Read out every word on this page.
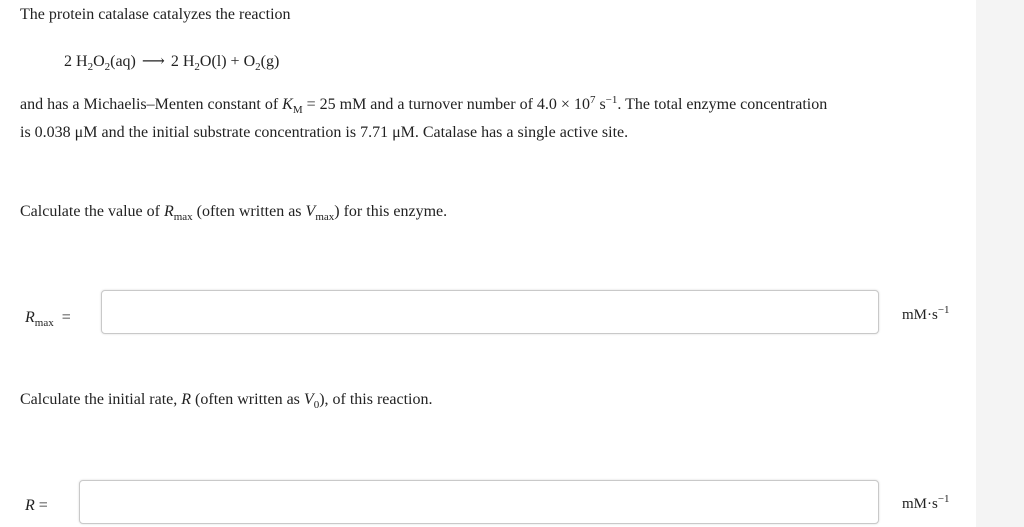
The protein catalase catalyzes the reaction
2 $H_2O_2(aq)$ ⟶ 2 $H_2O(l) + O_2(g)$
and has a Michaelis–Menten constant of $K_M = 25$ mM and a turnover number of $4.0 \times 10^7$ $s^{-1}$. The total enzyme concentration
is 0.038 μM and the initial substrate concentration is 7.71 μM. Catalase has a single active site.
Calculate the value of $R_{max}$ (often written as $V_{max}$) for this enzyme.
$R_{max}$ =	$mM\cdot s^{-1}$
Calculate the initial rate, R (often written as $V_0$), of this reaction.
R =	$mM\cdot s^{-1}$
